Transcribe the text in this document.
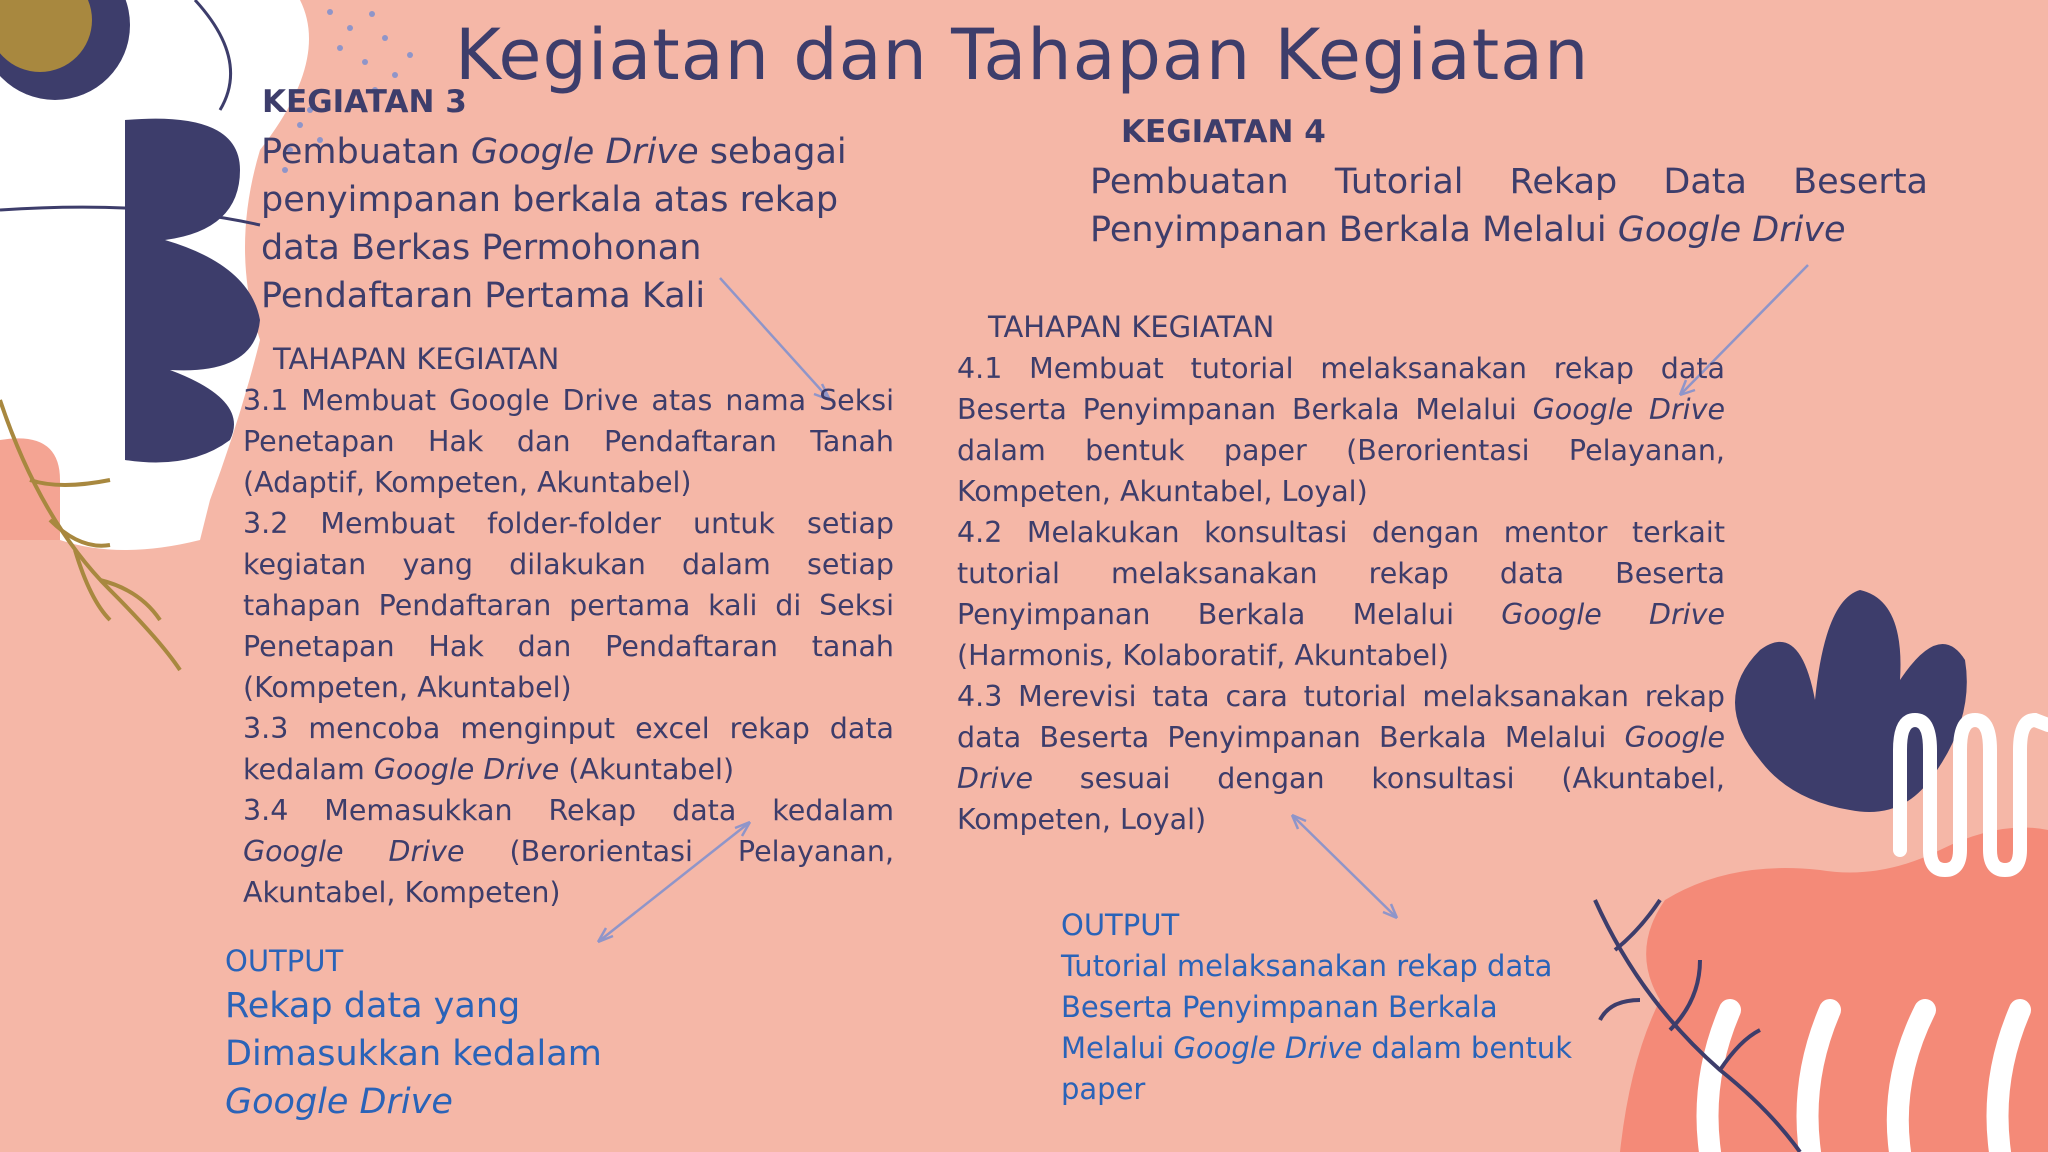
Kegiatan dan Tahapan Kegiatan
KEGIATAN 3

Pembuatan Google Drive sebagai penyimpanan berkala atas rekap data Berkas Permohonan Pendaftaran Pertama Kali

TAHAPAN KEGIATAN

3.1 Membuat Google Drive atas nama Seksi Penetapan Hak dan Pendaftaran Tanah (Adaptif, Kompeten, Akuntabel)

3.2 Membuat folder-folder untuk setiap kegiatan yang dilakukan dalam setiap tahapan Pendaftaran pertama kali di Seksi Penetapan Hak dan Pendaftaran tanah (Kompeten, Akuntabel)

3.3 mencoba menginput excel rekap data kedalam Google Drive (Akuntabel)

3.4 Memasukkan Rekap data kedalam Google Drive (Berorientasi Pelayanan, Akuntabel, Kompeten)

OUTPUT

Rekap data yang
Dimasukkan kedalam
Google Drive
KEGIATAN 4

Pembuatan Tutorial Rekap Data Beserta Penyimpanan Berkala Melalui Google Drive

TAHAPAN KEGIATAN

4.1 Membuat tutorial melaksanakan rekap data Beserta Penyimpanan Berkala Melalui Google Drive dalam bentuk paper (Berorientasi Pelayanan, Kompeten, Akuntabel, Loyal)

4.2 Melakukan konsultasi dengan mentor terkait tutorial melaksanakan rekap data Beserta Penyimpanan Berkala Melalui Google Drive (Harmonis, Kolaboratif, Akuntabel)

4.3 Merevisi tata cara tutorial melaksanakan rekap data Beserta Penyimpanan Berkala Melalui Google Drive sesuai dengan konsultasi (Akuntabel, Kompeten, Loyal)

OUTPUT

Tutorial melaksanakan rekap data Beserta Penyimpanan Berkala Melalui Google Drive dalam bentuk paper
